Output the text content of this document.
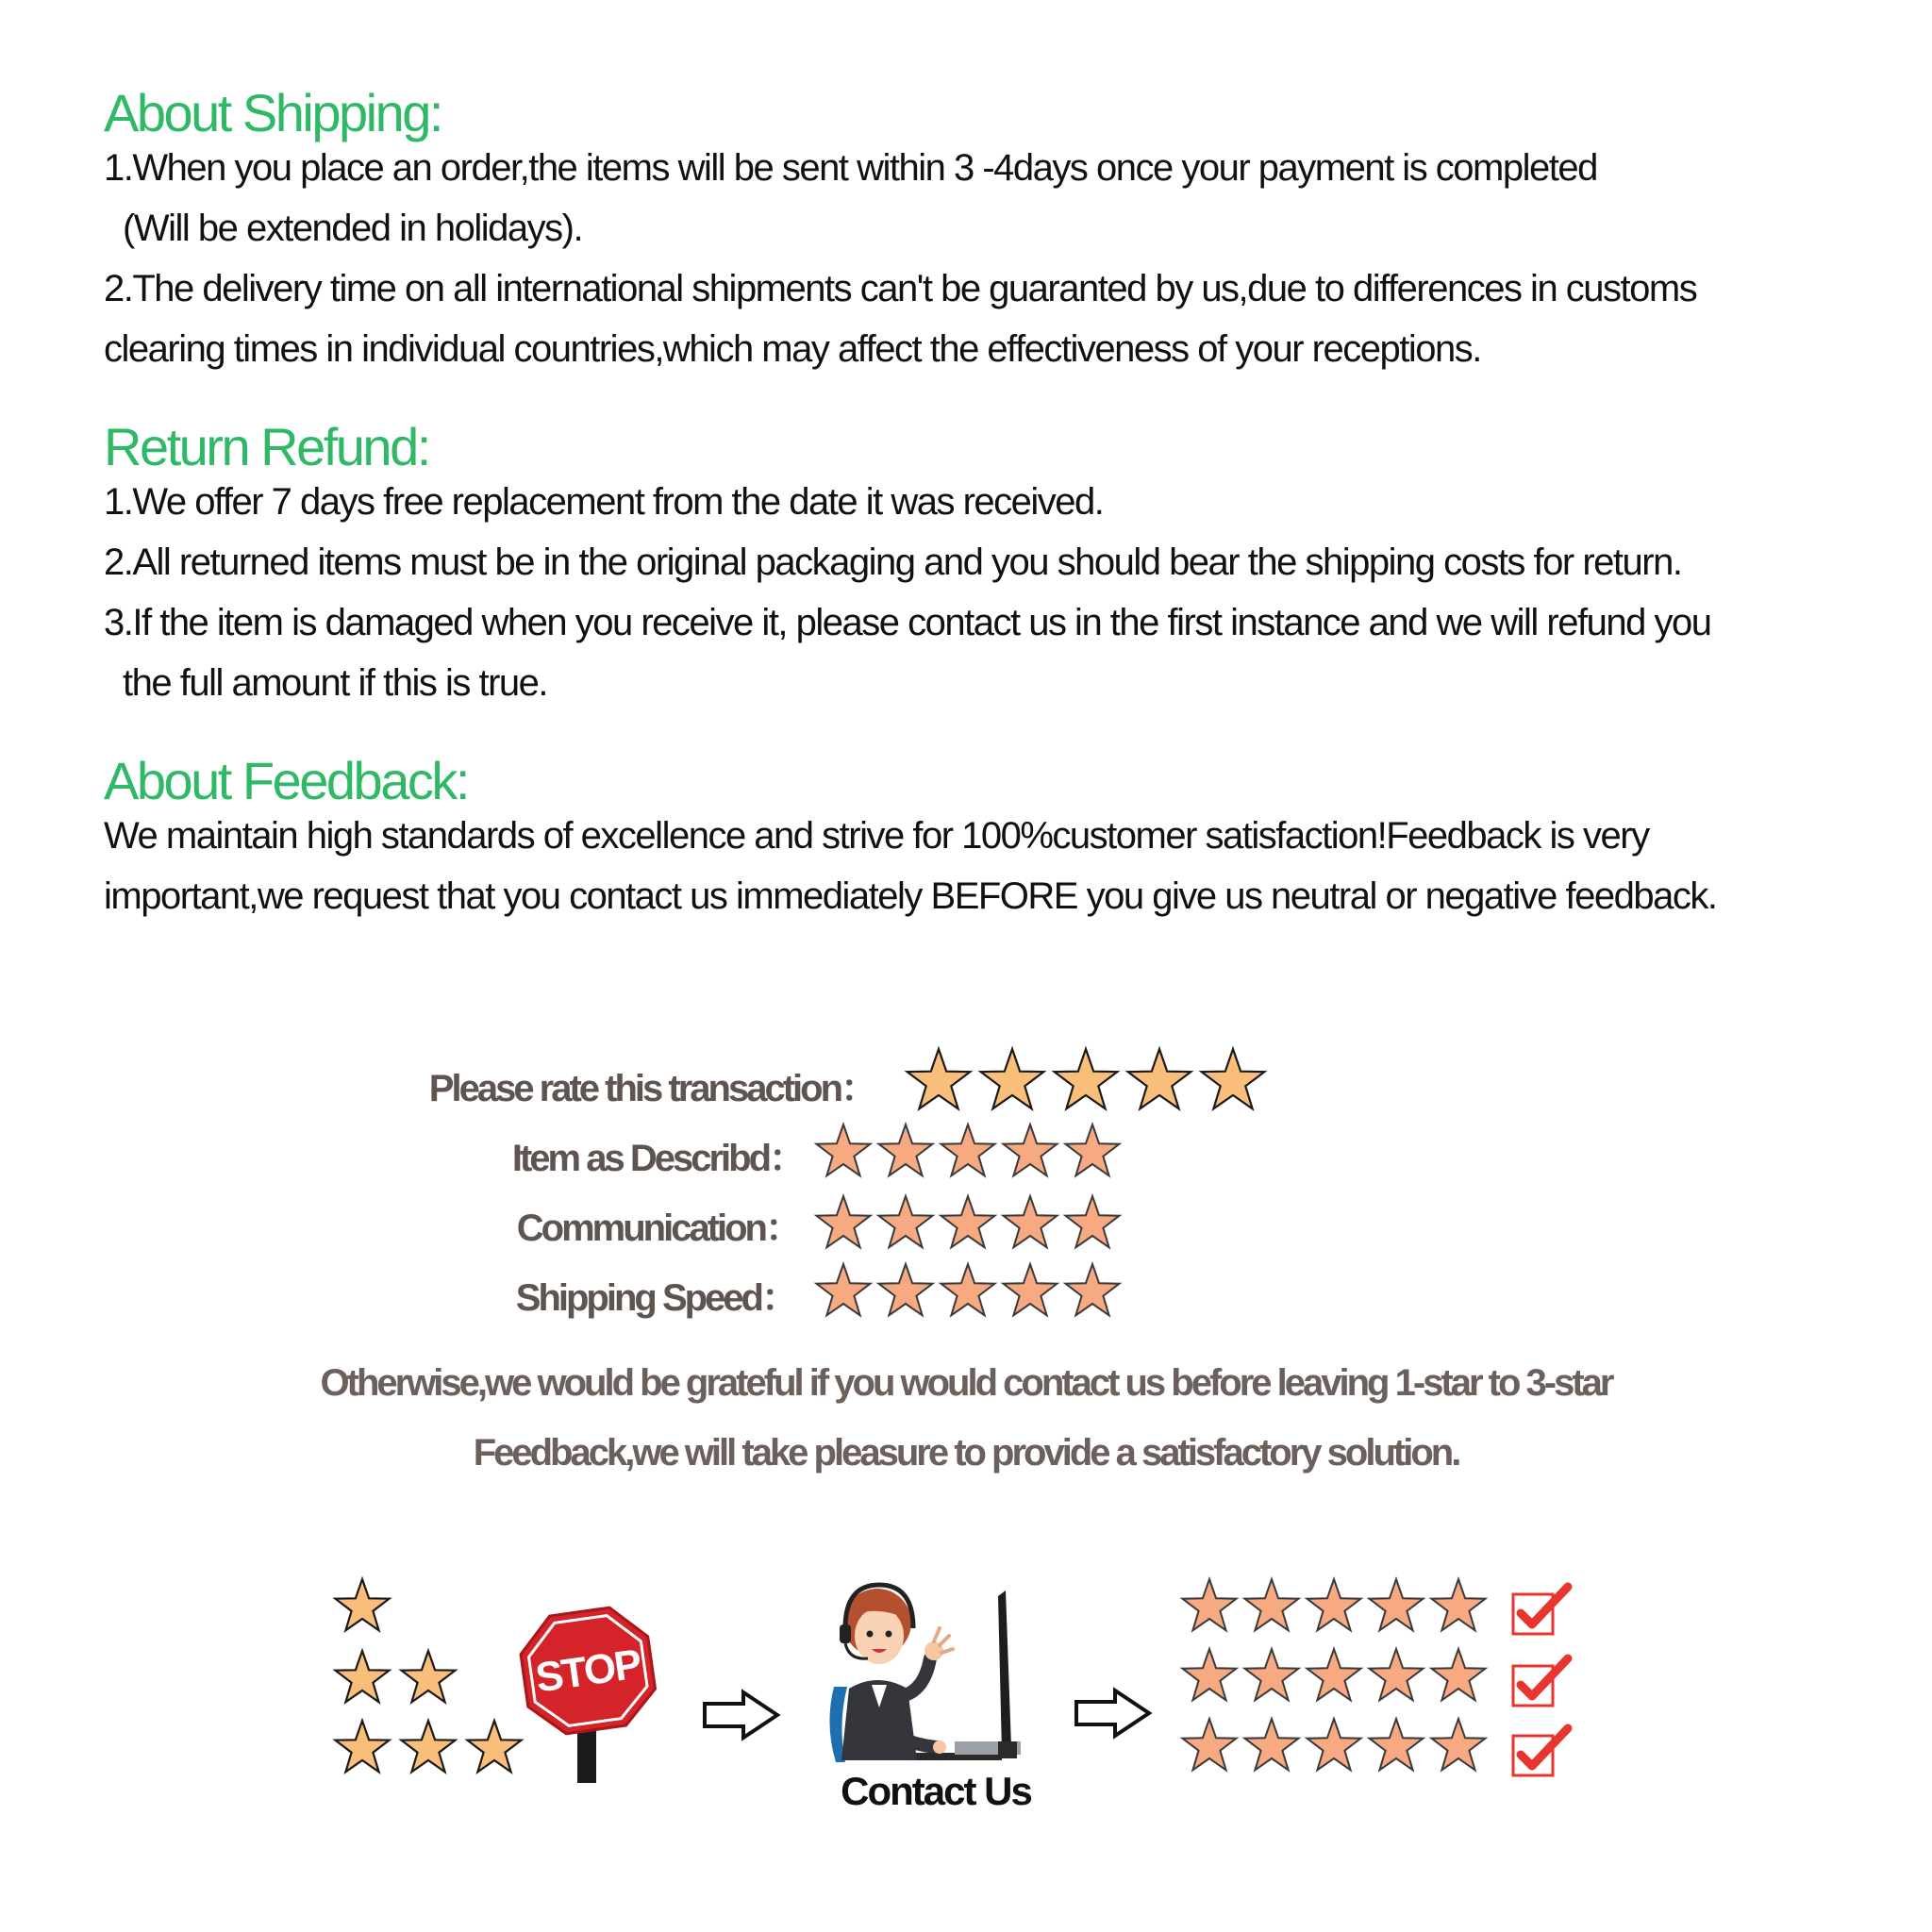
About Shipping:
1.When you place an order,the items will be sent within 3 -4days once your payment is completed
(Will be extended in holidays).
2.The delivery time on all international shipments can't be guaranted by us,due to differences in customs
clearing times in individual countries,which may affect the effectiveness of your receptions.
Return Refund:
1.We offer 7 days free replacement from the date it was received.
2.All returned items must be in the original packaging and you should bear the shipping costs for return.
3.If the item is damaged when you receive it, please contact us in the first instance and we will refund you
the full amount if this is true.
About Feedback:
We maintain high standards of excellence and strive for 100%customer satisfaction!Feedback is very
important,we request that you contact us immediately BEFORE you give us neutral or negative feedback.
Please rate this transaction：
Item as Describd：
Communication：
Shipping Speed：
Otherwise,we would be grateful if you would contact us before leaving 1-star to 3-star
Feedback,we will take pleasure to provide a satisfactory solution.
STOP
Contact Us
